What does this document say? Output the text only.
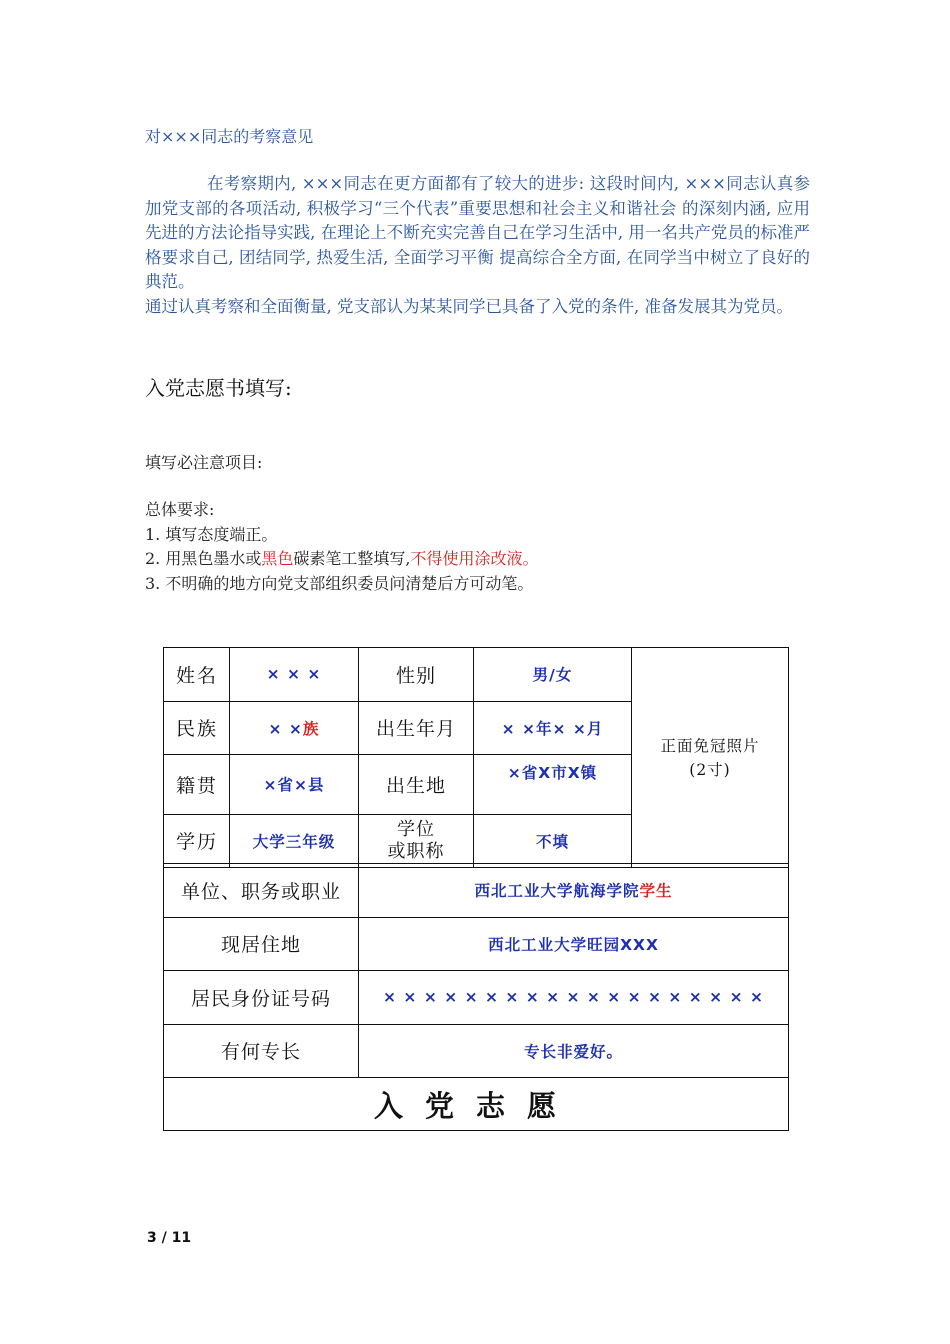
对×××同志的考察意见

在考察期内, ×××同志在更方面都有了较大的进步: 这段时间内, ×××同志认真参加党支部的各项活动, 积极学习“三个代表”重要思想和社会主义和谐社会 的深刻内涵, 应用先进的方法论指导实践, 在理论上不断充实完善自己在学习生活中, 用一名共产党员的标准严格要求自己, 团结同学, 热爱生活, 全面学习平衡 提高综合全方面, 在同学当中树立了良好的典范。

通过认真考察和全面衡量, 党支部认为某某同学已具备了入党的条件, 准备发展其为党员。

入党志愿书填写:
填写必注意项目:
总体要求:
1. 填写态度端正。
2. 用黑色墨水或黑色碳素笔工整填写,不得使用涂改液。
3. 不明确的地方向党支部组织委员问清楚后方可动笔。
姓名	× × ×	性别	男/女	正面免冠照片
(2寸)

民族	× ×族	出生年月	× ×年× ×月	
籍贯	×省×县	出生地	×省X市X镇	
学历	大学三年级	学位
或职称	不填	
单位、职务或职业	西北工业大学航海学院学生
现居住地	西北工业大学旺园XXX
居民身份证号码	× × × × × × × × × × × × × × × × × × ×
有何专长	专长非爱好。
入党志愿	
3 / 11
